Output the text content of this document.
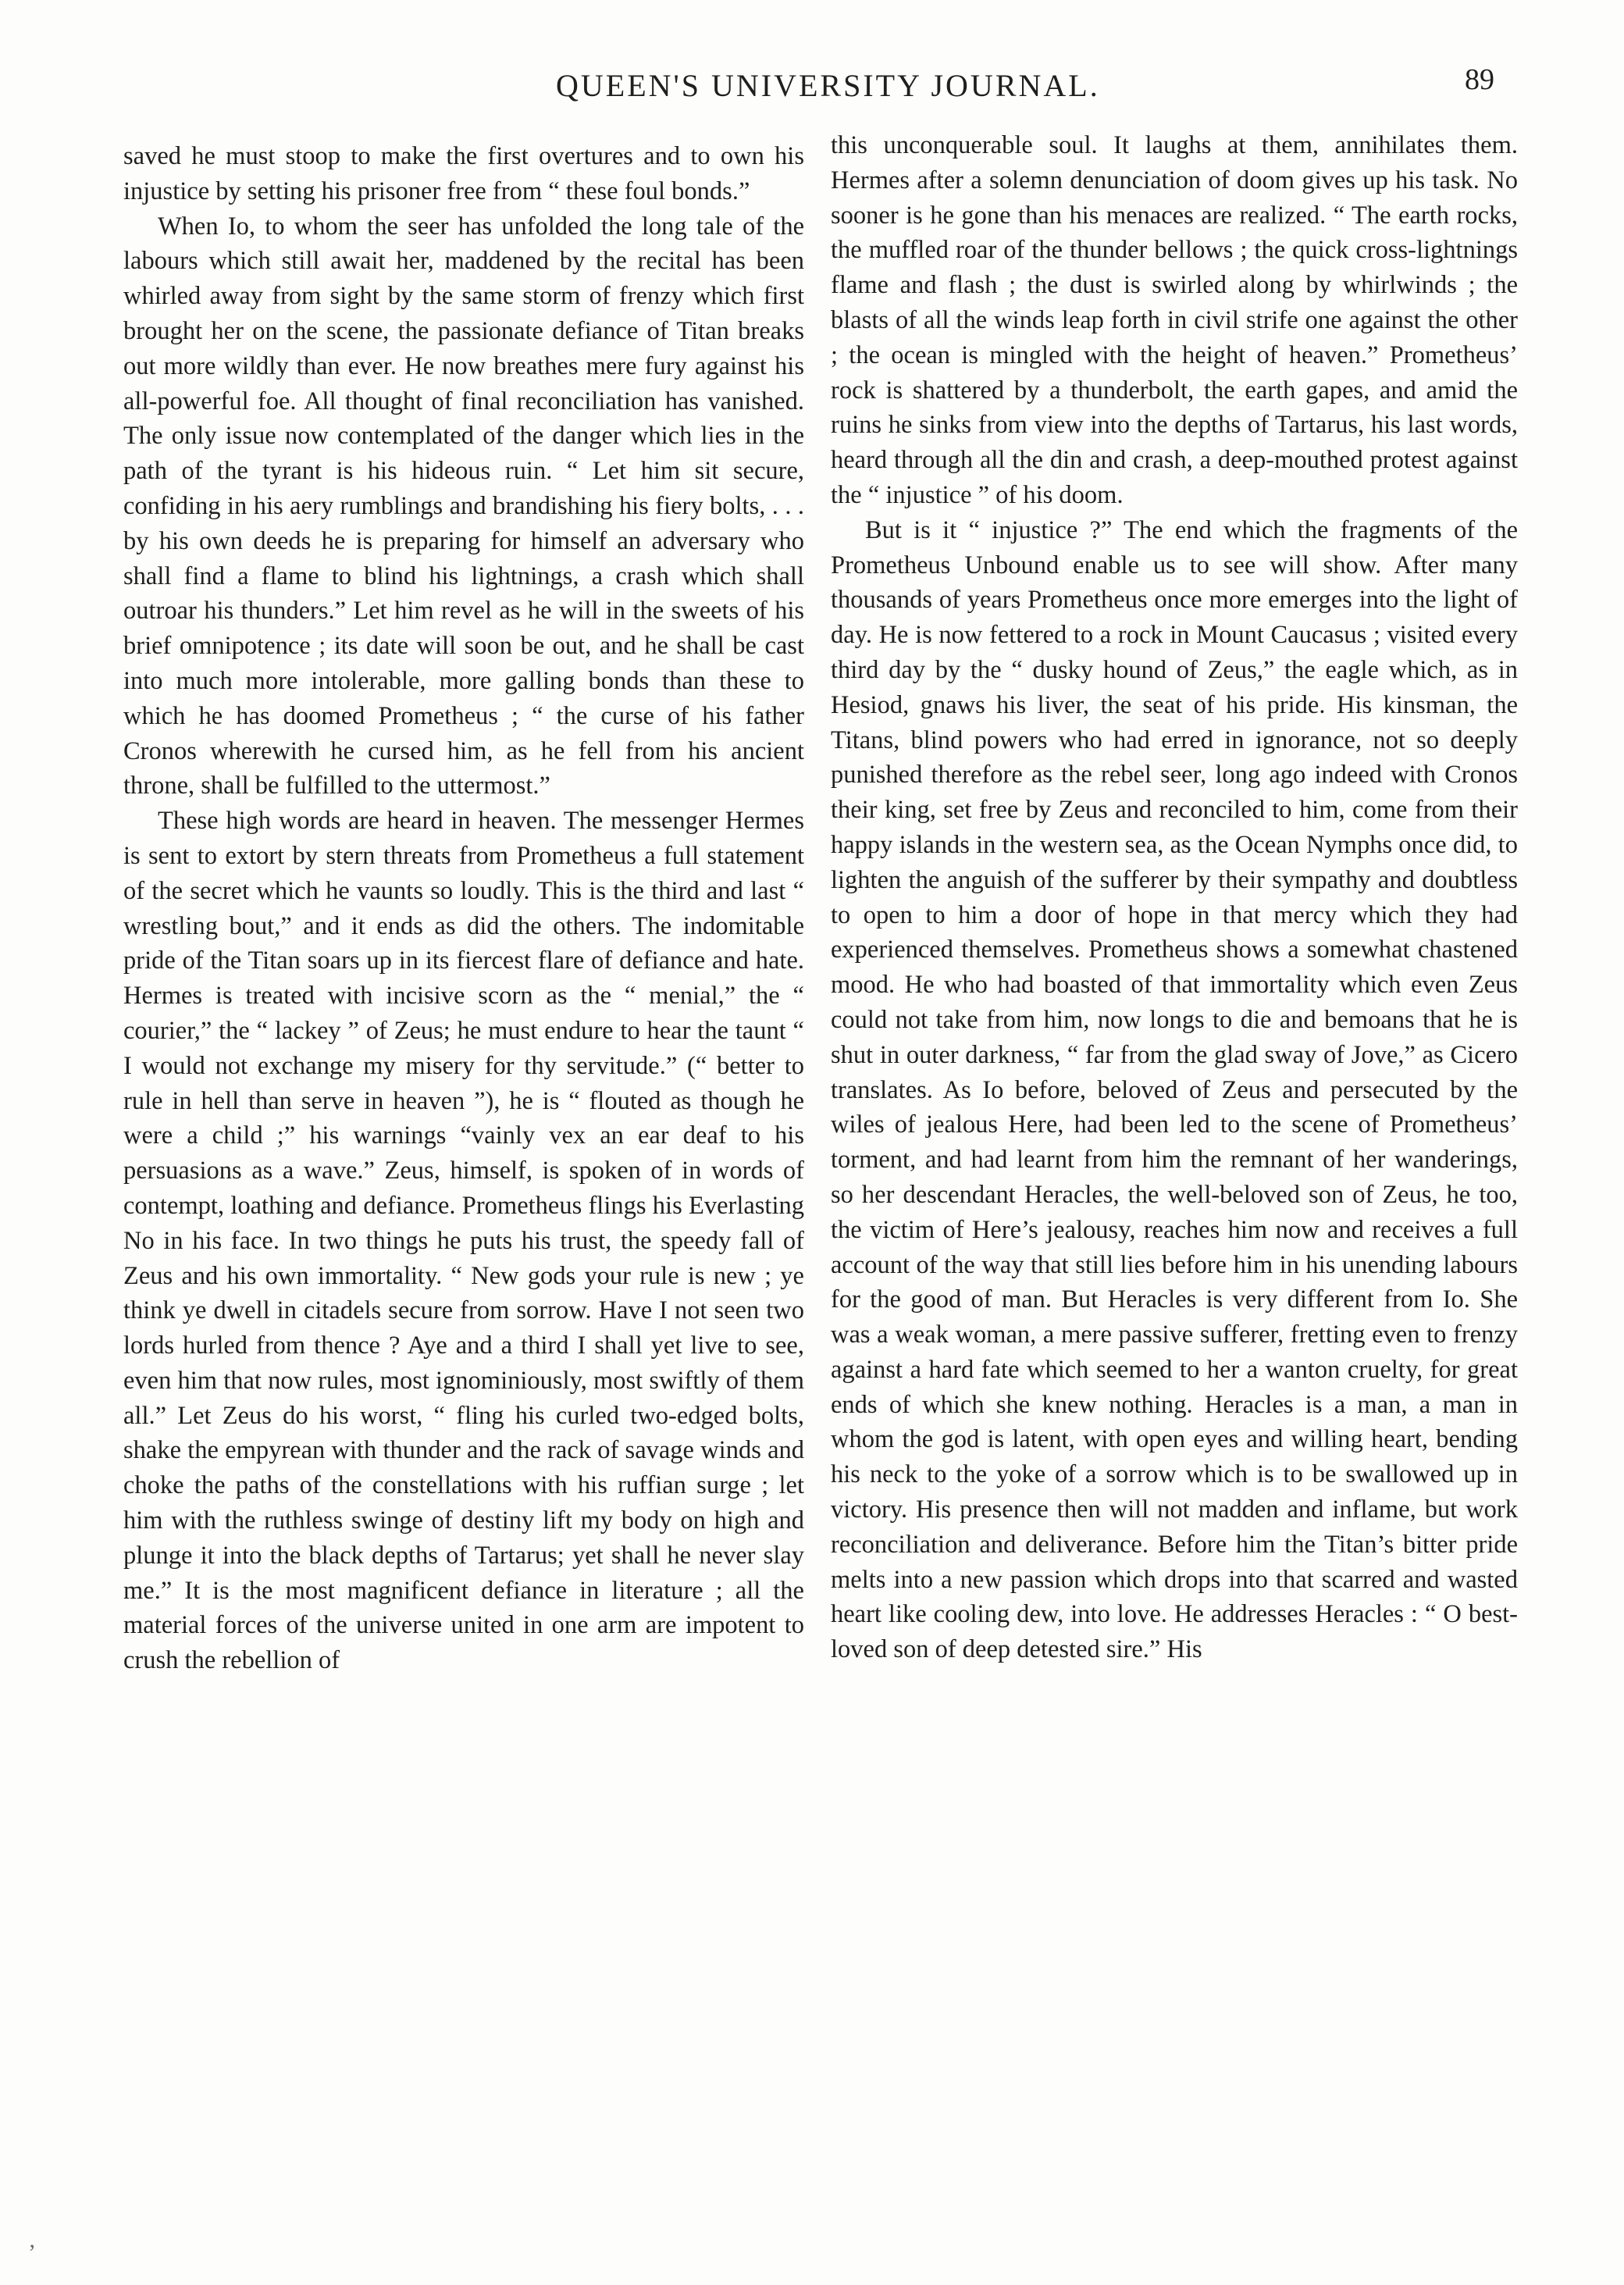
QUEEN'S UNIVERSITY JOURNAL.	89

saved he must stoop to make the first overtures and to own his injustice by setting his prisoner free from “ these foul bonds.”

When Io, to whom the seer has unfolded the long tale of the labours which still await her, maddened by the recital has been whirled away from sight by the same storm of frenzy which first brought her on the scene, the passionate defiance of Titan breaks out more wildly than ever. He now breathes mere fury against his all-powerful foe. All thought of final reconciliation has vanished. The only issue now contemplated of the danger which lies in the path of the tyrant is his hideous ruin. “ Let him sit secure, confiding in his aery rumblings and brandishing his fiery bolts, . . . by his own deeds he is preparing for himself an adversary who shall find a flame to blind his lightnings, a crash which shall outroar his thunders.” Let him revel as he will in the sweets of his brief omnipotence ; its date will soon be out, and he shall be cast into much more intolerable, more galling bonds than these to which he has doomed Prometheus ; “ the curse of his father Cronos wherewith he cursed him, as he fell from his ancient throne, shall be fulfilled to the uttermost.”

These high words are heard in heaven. The messenger Hermes is sent to extort by stern threats from Prometheus a full statement of the secret which he vaunts so loudly. This is the third and last “ wrestling bout,” and it ends as did the others. The indomitable pride of the Titan soars up in its fiercest flare of defiance and hate. Hermes is treated with incisive scorn as the “ menial,” the “ courier,” the “ lackey ” of Zeus; he must endure to hear the taunt “ I would not exchange my misery for thy servitude.” (“ better to rule in hell than serve in heaven ”), he is “ flouted as though he were a child ;” his warnings “vainly vex an ear deaf to his persuasions as a wave.” Zeus, himself, is spoken of in words of contempt, loathing and defiance. Prometheus flings his Everlasting No in his face. In two things he puts his trust, the speedy fall of Zeus and his own immortality. “ New gods your rule is new ; ye think ye dwell in citadels secure from sorrow. Have I not seen two lords hurled from thence ? Aye and a third I shall yet live to see, even him that now rules, most ignominiously, most swiftly of them all.” Let Zeus do his worst, “ fling his curled two-edged bolts, shake the empyrean with thunder and the rack of savage winds and choke the paths of the constellations with his ruffian surge ; let him with the ruthless swinge of destiny lift my body on high and plunge it into the black depths of Tartarus; yet shall he never slay me.” It is the most magnificent defiance in literature ; all the material forces of the universe united in one arm are impotent to crush the rebellion of

this unconquerable soul. It laughs at them, annihilates them. Hermes after a solemn denunciation of doom gives up his task. No sooner is he gone than his menaces are realized. “ The earth rocks, the muffled roar of the thunder bellows ; the quick cross-lightnings flame and flash ; the dust is swirled along by whirlwinds ; the blasts of all the winds leap forth in civil strife one against the other ; the ocean is mingled with the height of heaven.” Prometheus’ rock is shattered by a thunderbolt, the earth gapes, and amid the ruins he sinks from view into the depths of Tartarus, his last words, heard through all the din and crash, a deep-mouthed protest against the “ injustice ” of his doom.

But is it “ injustice ?” The end which the fragments of the Prometheus Unbound enable us to see will show. After many thousands of years Prometheus once more emerges into the light of day. He is now fettered to a rock in Mount Caucasus ; visited every third day by the “ dusky hound of Zeus,” the eagle which, as in Hesiod, gnaws his liver, the seat of his pride. His kinsman, the Titans, blind powers who had erred in ignorance, not so deeply punished therefore as the rebel seer, long ago indeed with Cronos their king, set free by Zeus and reconciled to him, come from their happy islands in the western sea, as the Ocean Nymphs once did, to lighten the anguish of the sufferer by their sympathy and doubtless to open to him a door of hope in that mercy which they had experienced themselves. Prometheus shows a somewhat chastened mood. He who had boasted of that immortality which even Zeus could not take from him, now longs to die and bemoans that he is shut in outer darkness, “ far from the glad sway of Jove,” as Cicero translates. As Io before, beloved of Zeus and persecuted by the wiles of jealous Here, had been led to the scene of Prometheus’ torment, and had learnt from him the remnant of her wanderings, so her descendant Heracles, the well-beloved son of Zeus, he too, the victim of Here’s jealousy, reaches him now and receives a full account of the way that still lies before him in his unending labours for the good of man. But Heracles is very different from Io. She was a weak woman, a mere passive sufferer, fretting even to frenzy against a hard fate which seemed to her a wanton cruelty, for great ends of which she knew nothing. Heracles is a man, a man in whom the god is latent, with open eyes and willing heart, bending his neck to the yoke of a sorrow which is to be swallowed up in victory. His presence then will not madden and inflame, but work reconciliation and deliverance. Before him the Titan’s bitter pride melts into a new passion which drops into that scarred and wasted heart like cooling dew, into love. He addresses Heracles : “ O best-loved son of deep detested sire.” His

’
